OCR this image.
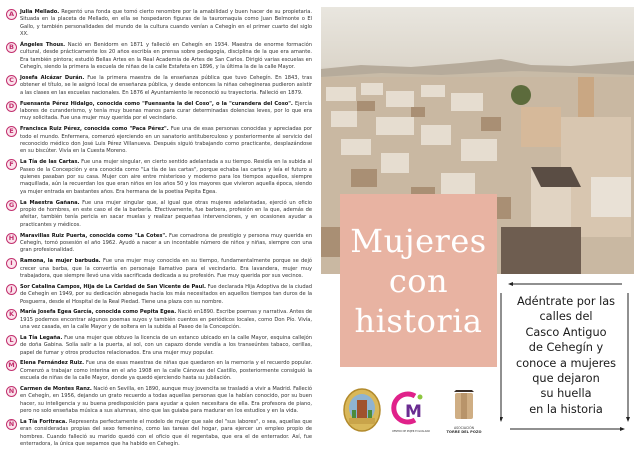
A	Julia Mellado. Regentó una fonda que tomó cierto renombre por la amabilidad y buen hacer de su propietaria. Situada en la placeta de Mellado, en ella se hospedaron figuras de la tauromaquia como Juan Belmonte o El Gallo, y también personalidades del mundo de la cultura cuando venían a Cehegín en el primer cuarto del siglo XX.

B	Ángeles Thous. Nació en Benidorm en 1871 y falleció en Cehegín en 1934. Maestra de enorme formación cultural, desde prácticamente los 20 años escribía en prensa sobre pedagogía, disciplina de la que era amante. Era también pintora; estudió Bellas Artes en la Real Academia de Artes de San Carlos. Dirigió varias escuelas en Cehegín, siendo la primera la escuela de niñas de la calle Estafeta en 1896, y la última la de la calle Mayor.

C	Josefa Alcázar Durán. Fue la primera maestra de la enseñanza pública que tuvo Cehegín. En 1843, tras obtener el título, se le asignó local de enseñanza pública, y desde entonces la niñas cehegineras pudieron asistir a las clases en las escuelas nacionales. En 1876 el Ayuntamiento le reconoció su trayectoria. Falleció en 1879.

D	Fuensanta Pérez Hidalgo, conocida como "Fuensanta la del Coso", o la "curandera del Coso". Ejercía labores de curanderismo, y tenía muy buenas manos para curar determinadas dolencias leves, por lo que era muy solicitada. Fue una mujer muy querida por el vecindario.

E	Francisca Ruiz Pérez, conocida como "Paca Pérez". Fue una de esas personas conocidas y apreciadas por todo el mundo. Enfermera, comenzó ejerciendo en un sanatorio antituberculoso y posteriormente al servicio del reconocido médico don José Luis Pérez Villanueva. Después siguió trabajando como practicante, desplazándose en su biscúter. Vivía en la Cuesta Moreno.

F	La Tía de las Cartas. Fue una mujer singular, en cierto sentido adelantada a su tiempo. Residía en la subida al Paseo de la Concepción y era conocida como "La tía de las cartas", porque echaba las cartas y leía el futuro a quienes pasaban por su casa. Mujer con aire entre misterioso y moderno para los tiempos aquellos, siempre maquillada, aún la recuerdan los que eran niños en los años 50 y los mayores que vivieron aquella época, siendo ya mujer entrada en bastantes años. Era hermana de la poetisa Pepita Egea.

G	La Maestra Gañana. Fue una mujer singular que, al igual que otras mujeres adelantadas, ejerció un oficio propio de hombres, en este caso el de la barbería. Efectivamente, fue barbera, profesión en la que, además de afeitar, también tenía pericia en sacar muelas y realizar pequeñas intervenciones, y en ocasiones ayudar a practicantes y médicos.

H	Maravillas Ruiz Puerta, conocida como "La Cotes". Fue comadrona de prestigio y persona muy querida en Cehegín, tomó posesión el año 1962. Ayudó a nacer a un incontable número de niños y niñas, siempre con una gran profesionalidad.

I	Ramona, la mujer barbuda. Fue una mujer muy conocida en su tiempo, fundamentalmente porque se dejó crecer una barba, que la convertía en personaje llamativo para el vecindario. Era lavandera, mujer muy trabajadora, que siempre llevó una vida sacrificada dedicada a su profesión. Fue muy querida por sus vecinos.

J	Sor Catalina Campos, Hija de La Caridad de San Vicente de Paul. Fue declarada Hija Adoptiva de la ciudad de Cehegín en 1949, por su dedicación abnegada hacia los más necesitados en aquellos tiempos tan duros de la Posguerra, desde el Hospital de la Real Piedad. Tiene una plaza con su nombre.

K	María Josefa Egea García, conocida como Pepita Egea. Nació en1890. Escribe poemas y narrativa. Antes de 1915 podemos encontrar algunos poemas suyos y también cuentos en periódicos locales, como Don Pío. Vivía, una vez casada, en la calle Mayor y de soltera en la subida al Paseo de la Concepción.

L	La Tía Legaña. Fue una mujer que obtuvo la licencia de un estanco ubicado en la calle Mayor, esquina callejón de doña Gabina. Solía salir a la puerta, al sol, con un capazo donde vendía a los transeúntes tabaco, cerillas, papel de fumar y otros productos relacionados. Era una mujer muy popular.

M	Elena Fernández Ruiz. Fue una de esas maestras de niñas que quedaron en la memoria y el recuerdo popular. Comenzó a trabajar como interina en el año 1908 en la calle Cánovas del Castillo, posteriormente consiguió la escuela de niñas de la calle Mayor, donde ya quedó ejerciendo hasta su jubilación.

N	Carmen de Montes Ranz. Nació en Sevilla, en 1890, aunque muy jovencita se trasladó a vivir a Madrid. Falleció en Cehegín, en 1956, dejando un grato recuerdo a todas aquellas personas que la habían conocido, por su buen hacer, su inteligencia y su buena predisposición para ayudar a quien necesitara de ella. Era profesora de piano, pero no solo enseñaba música a sus alumnas, sino que las guiaba para madurar en los estudios y en la vida.

Ñ	La Tía Foritraca. Representa perfectamente el modelo de mujer que sale del "sus labores", o sea, aquellas que eran consideradas propias del sexo femenino, como las tareas del hogar, para ejercer un empleo propio de hombres. Cuando falleció su marido quedó con el oficio que él regentaba, que era el de enterrador. Así, fue enterradora, la única que sepamos que ha habido en Cehegín.

Mujeres
con
historia	Adéntrate por las
calles del
Casco Antiguo
de Cehegín y
conoce a mujeres
que dejaron
su huella
en la historia
M
CENTRO DE MUJER E IGUALDAD
ASOCIACIÓN
TORRE DEL POZO
